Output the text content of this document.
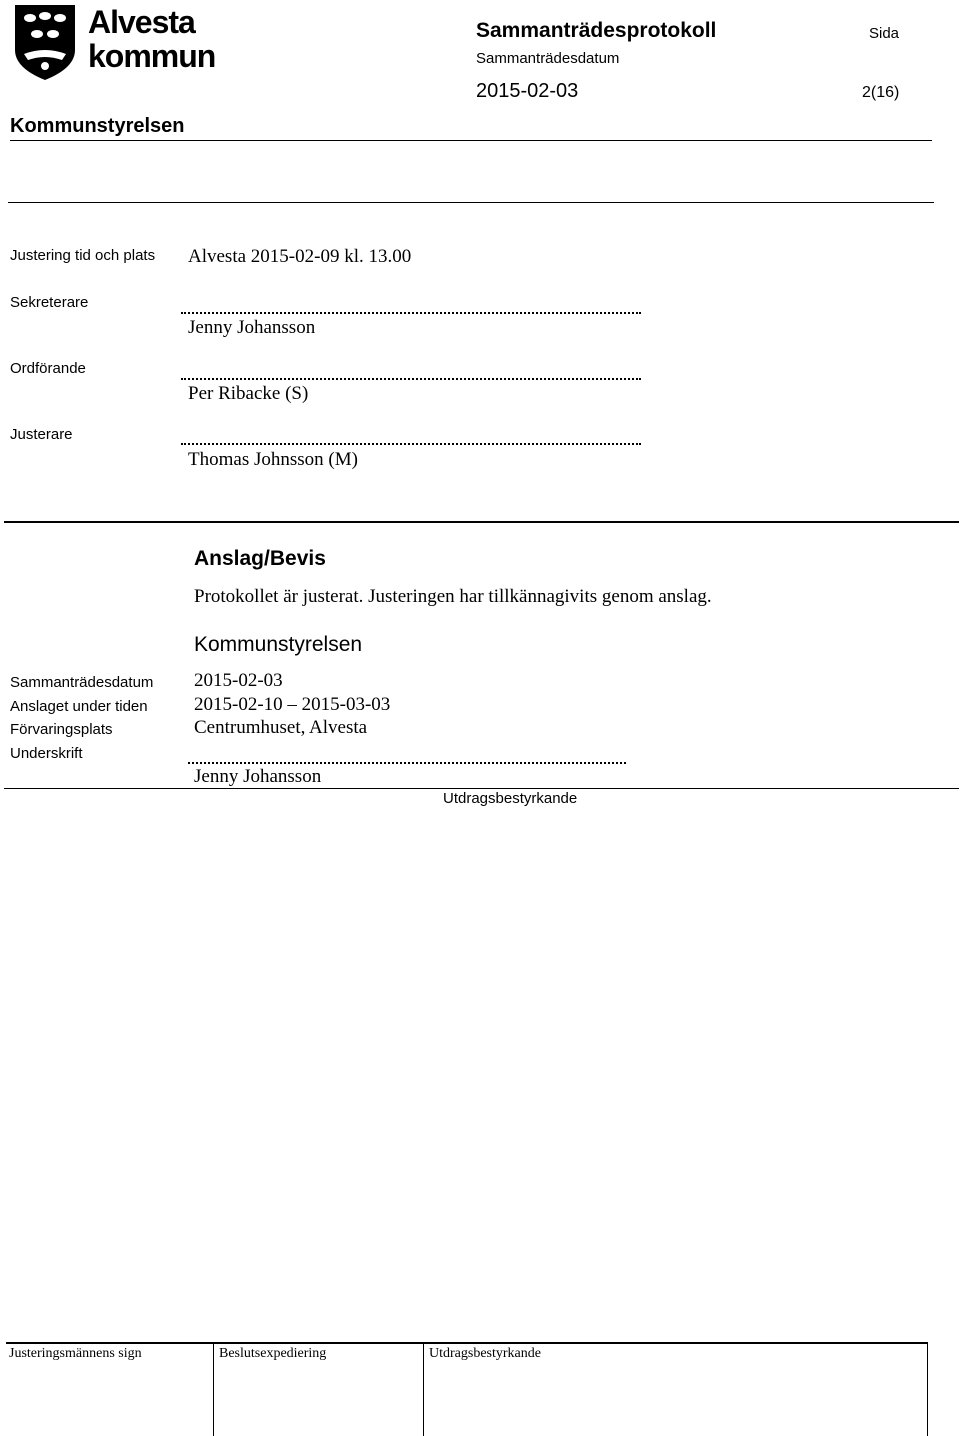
Alvesta
kommun
Sammanträdesprotokoll
Sammanträdesdatum
2015-02-03
Sida
2(16)
Kommunstyrelsen
Justering tid och plats Alvesta 2015-02-09 kl. 13.00
Sekreterare
Jenny Johansson
Ordförande
Per Ribacke (S)
Justerare
Thomas Johnsson (M)
Anslag/Bevis
Protokollet är justerat. Justeringen har tillkännagivits genom anslag.
Kommunstyrelsen
Sammanträdesdatum 2015-02-03
Anslaget under tiden 2015-02-10 – 2015-03-03
Förvaringsplats	Centrumhuset, Alvesta
Underskrift
Jenny Johansson
Utdragsbestyrkande
Justeringsmännens sign	Beslutsexpediering	Utdragsbestyrkande
